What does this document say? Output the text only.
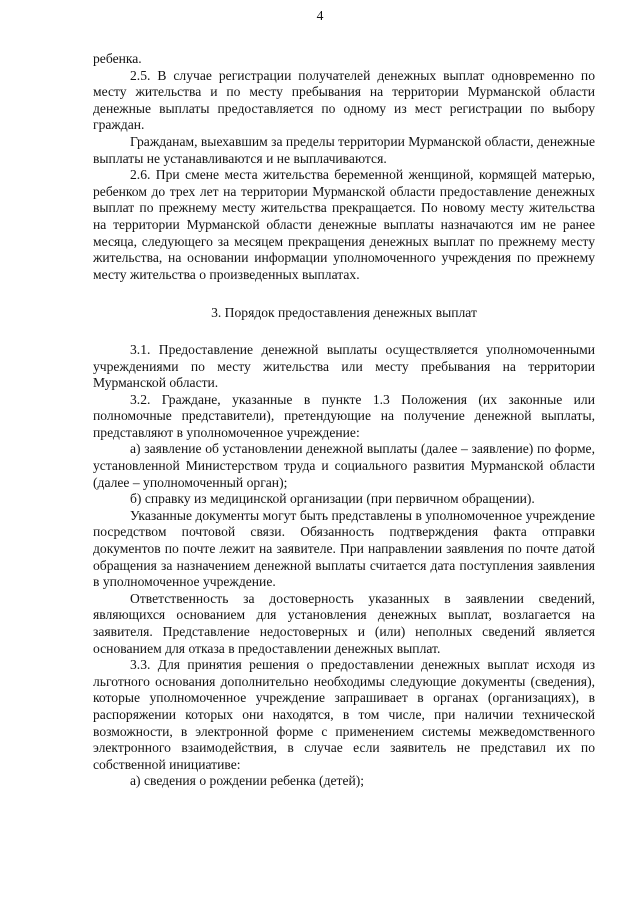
4

ребенка.

2.5. В случае регистрации получателей денежных выплат одновременно по месту жительства и по месту пребывания на территории Мурманской области денежные выплаты предоставляется по одному из мест регистрации по выбору граждан.

Гражданам, выехавшим за пределы территории Мурманской области, денежные выплаты не устанавливаются и не выплачиваются.

2.6. При смене места жительства беременной женщиной, кормящей матерью, ребенком до трех лет на территории Мурманской области предоставление денежных выплат по прежнему месту жительства прекращается. По новому месту жительства на территории Мурманской области денежные выплаты назначаются им не ранее месяца, следующего за месяцем прекращения денежных выплат по прежнему месту жительства, на основании информации уполномоченного учреждения по прежнему месту жительства о произведенных выплатах.

3. Порядок предоставления денежных выплат

3.1. Предоставление денежной выплаты осуществляется уполномоченными учреждениями по месту жительства или месту пребывания на территории Мурманской области.

3.2. Граждане, указанные в пункте 1.3 Положения (их законные или полномочные представители), претендующие на получение денежной выплаты, представляют в уполномоченное учреждение:

а) заявление об установлении денежной выплаты (далее – заявление) по форме, установленной Министерством труда и социального развития Мурманской области (далее – уполномоченный орган);

б) справку из медицинской организации (при первичном обращении).

Указанные документы могут быть представлены в уполномоченное учреждение посредством почтовой связи. Обязанность подтверждения факта отправки документов по почте лежит на заявителе. При направлении заявления по почте датой обращения за назначением денежной выплаты считается дата поступления заявления в уполномоченное учреждение.

Ответственность за достоверность указанных в заявлении сведений, являющихся основанием для установления денежных выплат, возлагается на заявителя. Представление недостоверных и (или) неполных сведений является основанием для отказа в предоставлении денежных выплат.

3.3. Для принятия решения о предоставлении денежных выплат исходя из льготного основания дополнительно необходимы следующие документы (сведения), которые уполномоченное учреждение запрашивает в органах (организациях), в распоряжении которых они находятся, в том числе, при наличии технической возможности, в электронной форме с применением системы межведомственного электронного взаимодействия, в случае если заявитель не представил их по собственной инициативе:

а) сведения о рождении ребенка (детей);
